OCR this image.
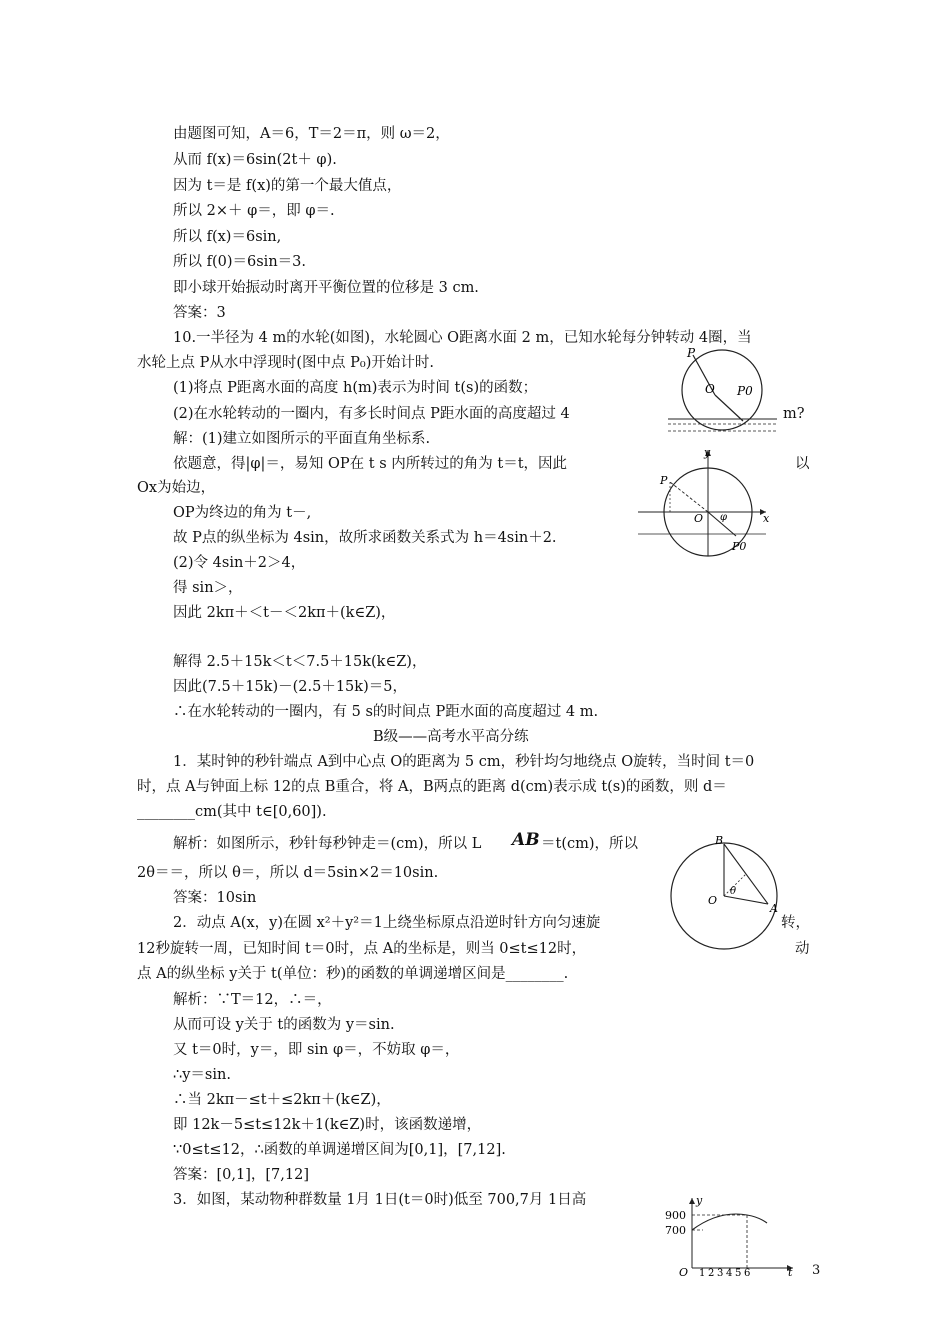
由题图可知，A＝6，T＝2＝π，则 ω＝2，
从而 f(x)＝6sin(2t＋ φ).
因为 t＝是 f(x)的第一个最大值点，
所以 2×＋ φ＝，即 φ＝.
所以 f(x)＝6sin,
所以 f(0)＝6sin＝3.
即小球开始振动时离开平衡位置的位移是 3 cm.
答案：3
10.一半径为 4 m的水轮(如图)，水轮圆心 O距离水面 2 m，已知水轮每分钟转动 4圈，当
水轮上点 P从水中浮现时(图中点 P₀)开始计时.
(1)将点 P距离水面的高度 h(m)表示为时间 t(s)的函数；
(2)在水轮转动的一圈内，有多长时间点 P距水面的高度超过 4	m?
解：(1)建立如图所示的平面直角坐标系.
依题意，得|φ|＝，易知 OP在 t s 内所转过的角为 t＝t，因此	以
Ox为始边，
OP为终边的角为 t－,
故 P点的纵坐标为 4sin，故所求函数关系式为 h＝4sin＋2.
(2)令 4sin＋2＞4，
得 sin＞，
因此 2kπ＋＜t－＜2kπ＋(k∈Z)，
解得 2.5＋15k＜t＜7.5＋15k(k∈Z)，
因此(7.5＋15k)－(2.5＋15k)＝5，
∴在水轮转动的一圈内，有 5 s的时间点 P距水面的高度超过 4 m.
B级——高考水平高分练
1．某时钟的秒针端点 A到中心点 O的距离为 5 cm，秒针均匀地绕点 O旋转，当时间 t＝0
时，点 A与钟面上标 12的点 B重合，将 A，B两点的距离 d(cm)表示成 t(s)的函数，则 d＝
________cm(其中 t∈[0,60]).
解析：如图所示，秒针每秒钟走＝(cm)，所以 L AB ＝t(cm)，所以
2θ＝＝，所以 θ＝，所以 d＝5sin×2＝10sin.
答案：10sin
2．动点 A(x，y)在圆 x²＋y²＝1上绕坐标原点沿逆时针方向匀速旋	转，
12秒旋转一周，已知时间 t＝0时，点 A的坐标是，则当 0≤t≤12时，	动
点 A的纵坐标 y关于 t(单位：秒)的函数的单调递增区间是________.
解析：∵T＝12，∴＝，
从而可设 y关于 t的函数为 y＝sin.
又 t＝0时，y＝，即 sin φ＝，不妨取 φ＝，
∴y＝sin.
∴当 2kπ－≤t＋≤2kπ＋(k∈Z)，
即 12k－5≤t≤12k＋1(k∈Z)时，该函数递增，
∵0≤t≤12，∴函数的单调递增区间为[0,1]，[7,12].
答案：[0,1]，[7,12]
3．如图，某动物种群数量 1月 1日(t＝0时)低至 700,7月 1日高
P
O P0
y
x
P
O φ
P0
B
O
A
θ
y
t
O
900
700
1 2 3 4 5 6	3
